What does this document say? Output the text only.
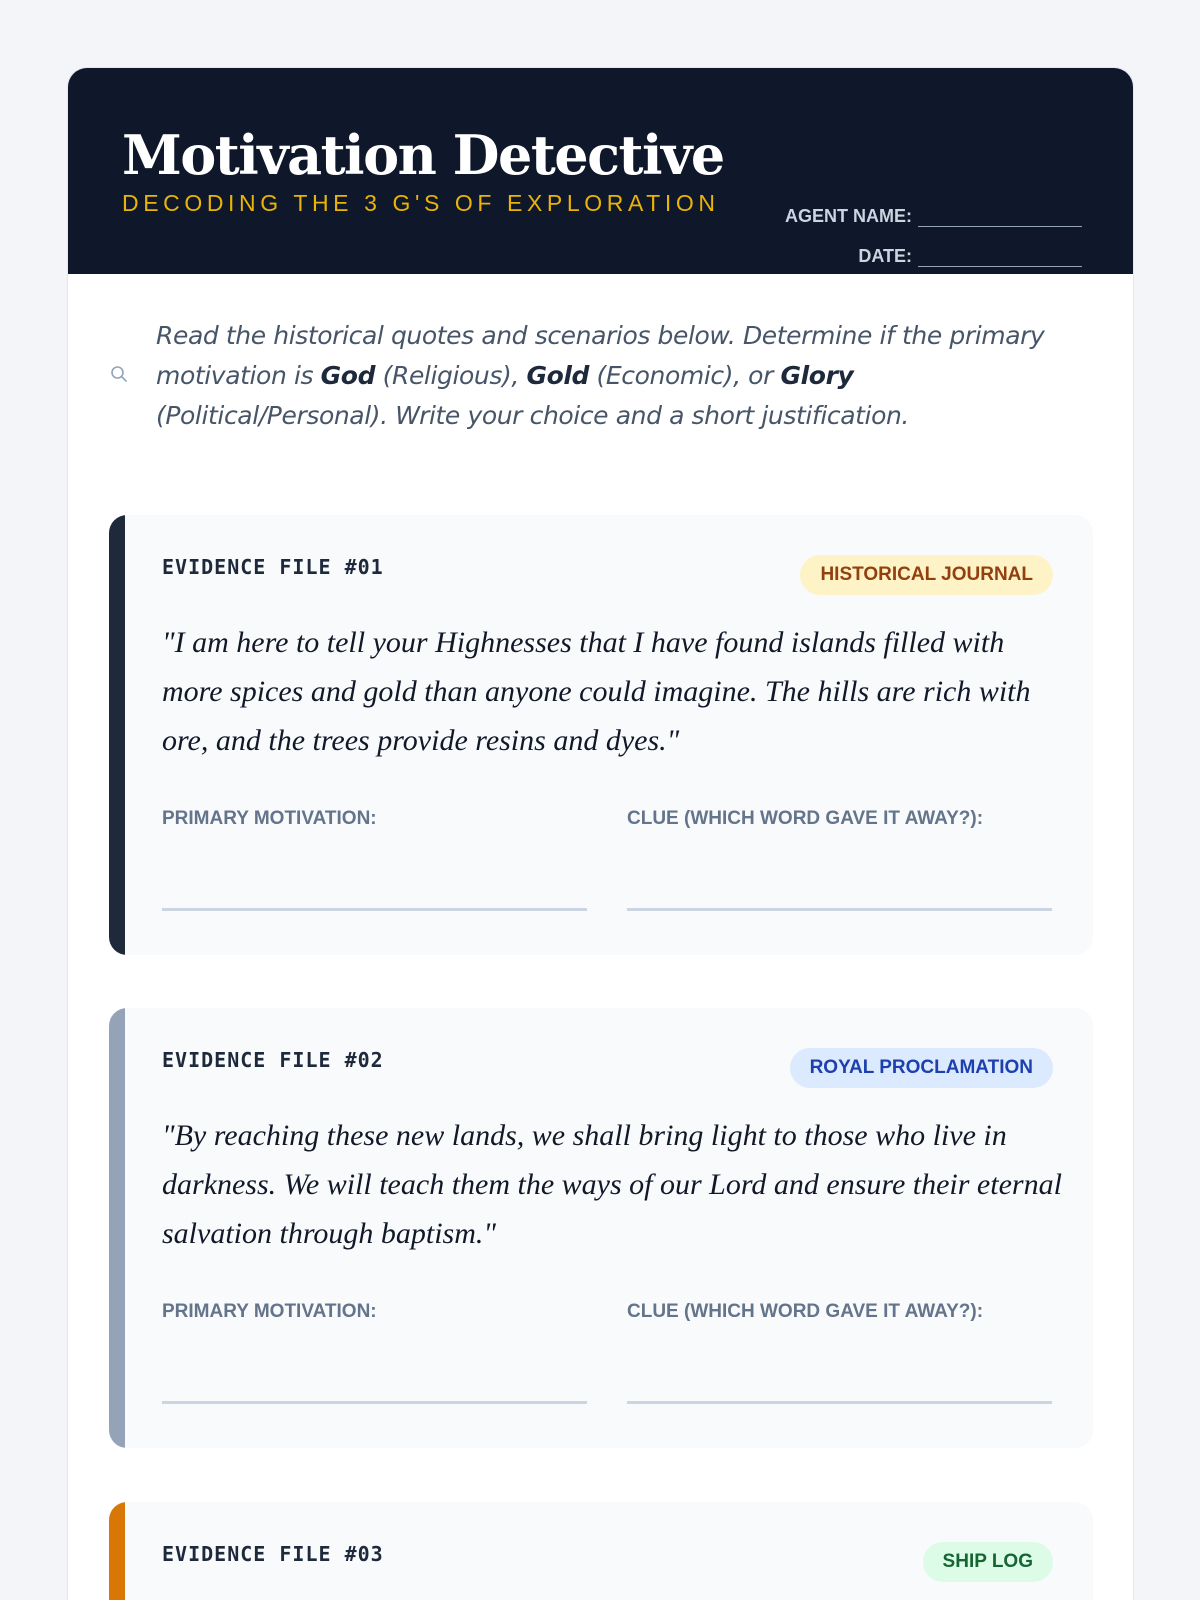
Motivation Detective
DECODING THE 3 G'S OF EXPLORATION	AGENT NAME:
DATE:

Read the historical quotes and scenarios below. Determine if the primary motivation is God (Religious), Gold (Economic), or Glory (Political/Personal). Write your choice and a short justification.

EVIDENCE FILE #01	HISTORICAL JOURNAL

"I am here to tell your Highnesses that I have found islands filled with more spices and gold than anyone could imagine. The hills are rich with ore, and the trees provide resins and dyes."

PRIMARY MOTIVATION:	CLUE (WHICH WORD GAVE IT AWAY?):
EVIDENCE FILE #02	ROYAL PROCLAMATION

"By reaching these new lands, we shall bring light to those who live in darkness. We will teach them the ways of our Lord and ensure their eternal salvation through baptism."

PRIMARY MOTIVATION:	CLUE (WHICH WORD GAVE IT AWAY?):
EVIDENCE FILE #03	SHIP LOG
